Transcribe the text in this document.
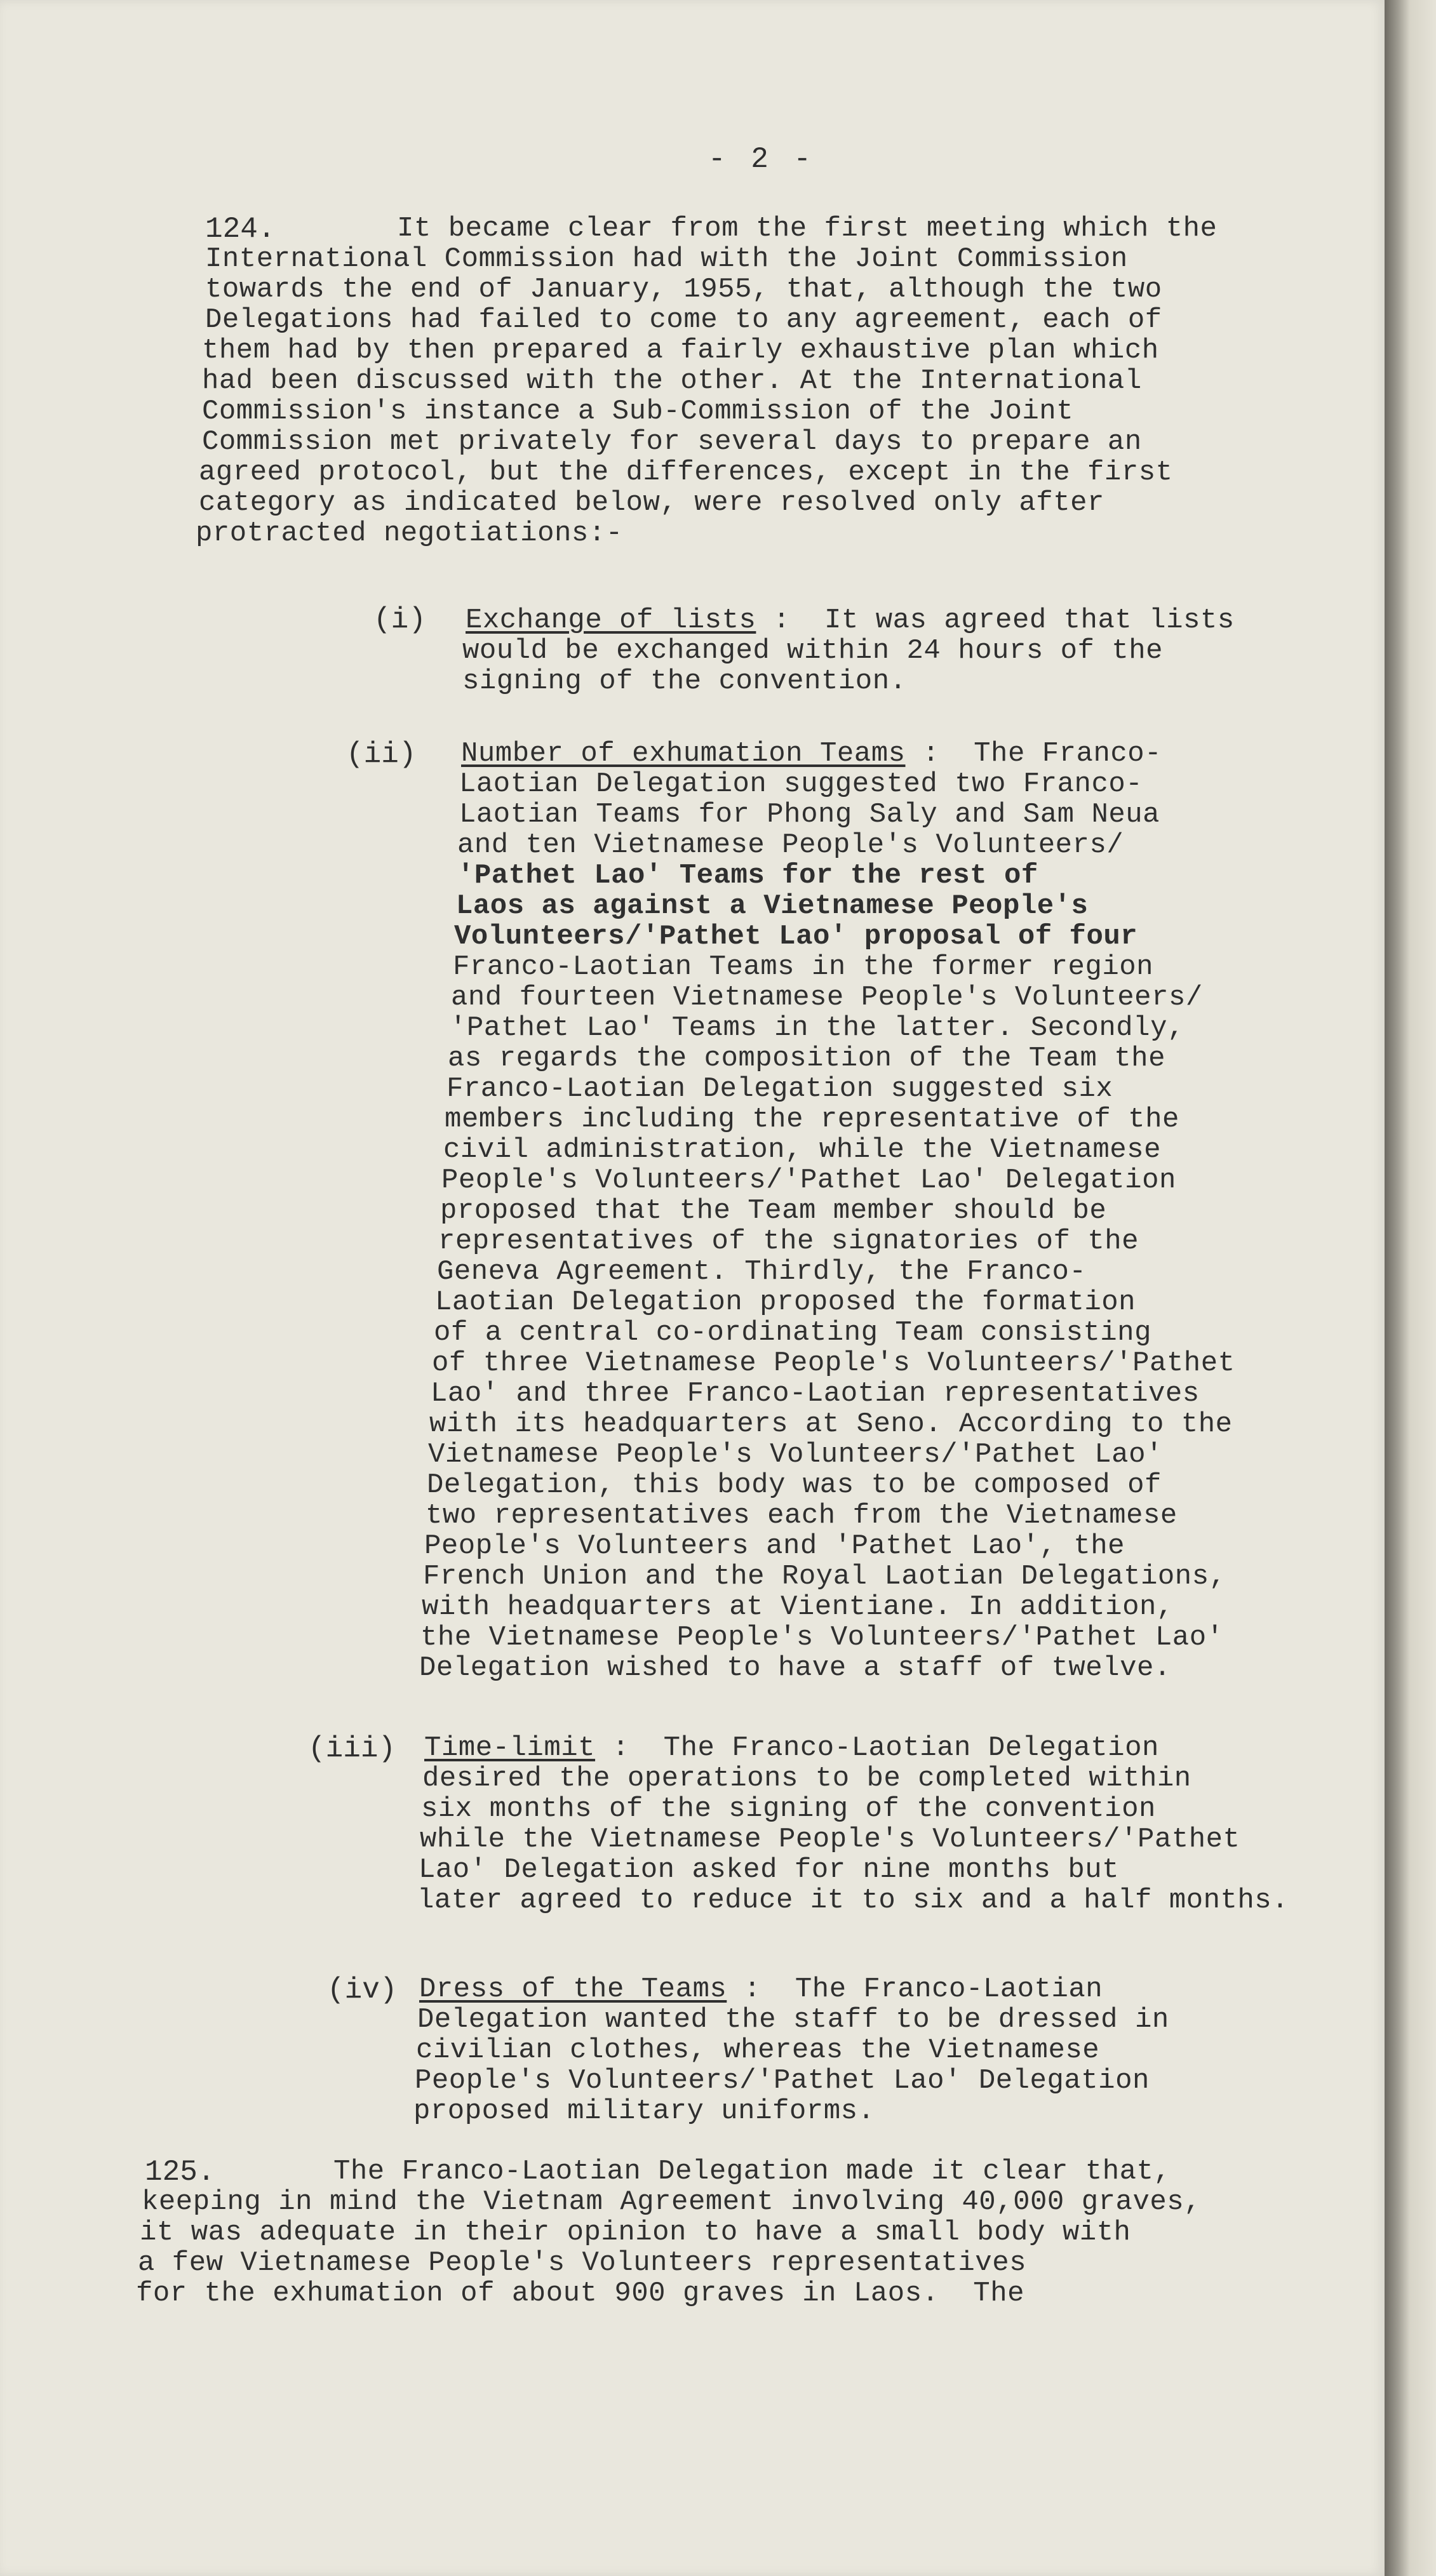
- 2 -
124.	It became clear from the first meeting which the
International Commission had with the Joint Commission
towards the end of January, 1955, that, although the two
Delegations had failed to come to any agreement, each of
them had by then prepared a fairly exhaustive plan which
had been discussed with the other. At the International
Commission's instance a Sub-Commission of the Joint
Commission met privately for several days to prepare an
agreed protocol, but the differences, except in the first
category as indicated below, were resolved only after
protracted negotiations:-
(i) Exchange of lists :  It was agreed that lists
would be exchanged within 24 hours of the
signing of the convention.
(ii) Number of exhumation Teams :  The Franco-
Laotian Delegation suggested two Franco-
Laotian Teams for Phong Saly and Sam Neua
and ten Vietnamese People's Volunteers/
'Pathet Lao' Teams for the rest of
Laos as against a Vietnamese People's
Volunteers/'Pathet Lao' proposal of four
Franco-Laotian Teams in the former region
and fourteen Vietnamese People's Volunteers/
'Pathet Lao' Teams in the latter. Secondly,
as regards the composition of the Team the
Franco-Laotian Delegation suggested six
members including the representative of the
civil administration, while the Vietnamese
People's Volunteers/'Pathet Lao' Delegation
proposed that the Team member should be
representatives of the signatories of the
Geneva Agreement. Thirdly, the Franco-
Laotian Delegation proposed the formation
of a central co-ordinating Team consisting
of three Vietnamese People's Volunteers/'Pathet
Lao' and three Franco-Laotian representatives
with its headquarters at Seno. According to the
Vietnamese People's Volunteers/'Pathet Lao'
Delegation, this body was to be composed of
two representatives each from the Vietnamese
People's Volunteers and 'Pathet Lao', the
French Union and the Royal Laotian Delegations,
with headquarters at Vientiane. In addition,
the Vietnamese People's Volunteers/'Pathet Lao'
Delegation wished to have a staff of twelve.
(iii) Time-limit :  The Franco-Laotian Delegation
desired the operations to be completed within
six months of the signing of the convention
while the Vietnamese People's Volunteers/'Pathet
Lao' Delegation asked for nine months but
later agreed to reduce it to six and a half months.
(iv) Dress of the Teams :  The Franco-Laotian
Delegation wanted the staff to be dressed in
civilian clothes, whereas the Vietnamese
People's Volunteers/'Pathet Lao' Delegation
proposed military uniforms.
125.	The Franco-Laotian Delegation made it clear that,
keeping in mind the Vietnam Agreement involving 40,000 graves,
it was adequate in their opinion to have a small body with
a few Vietnamese People's Volunteers representatives
for the exhumation of about 900 graves in Laos.  The
